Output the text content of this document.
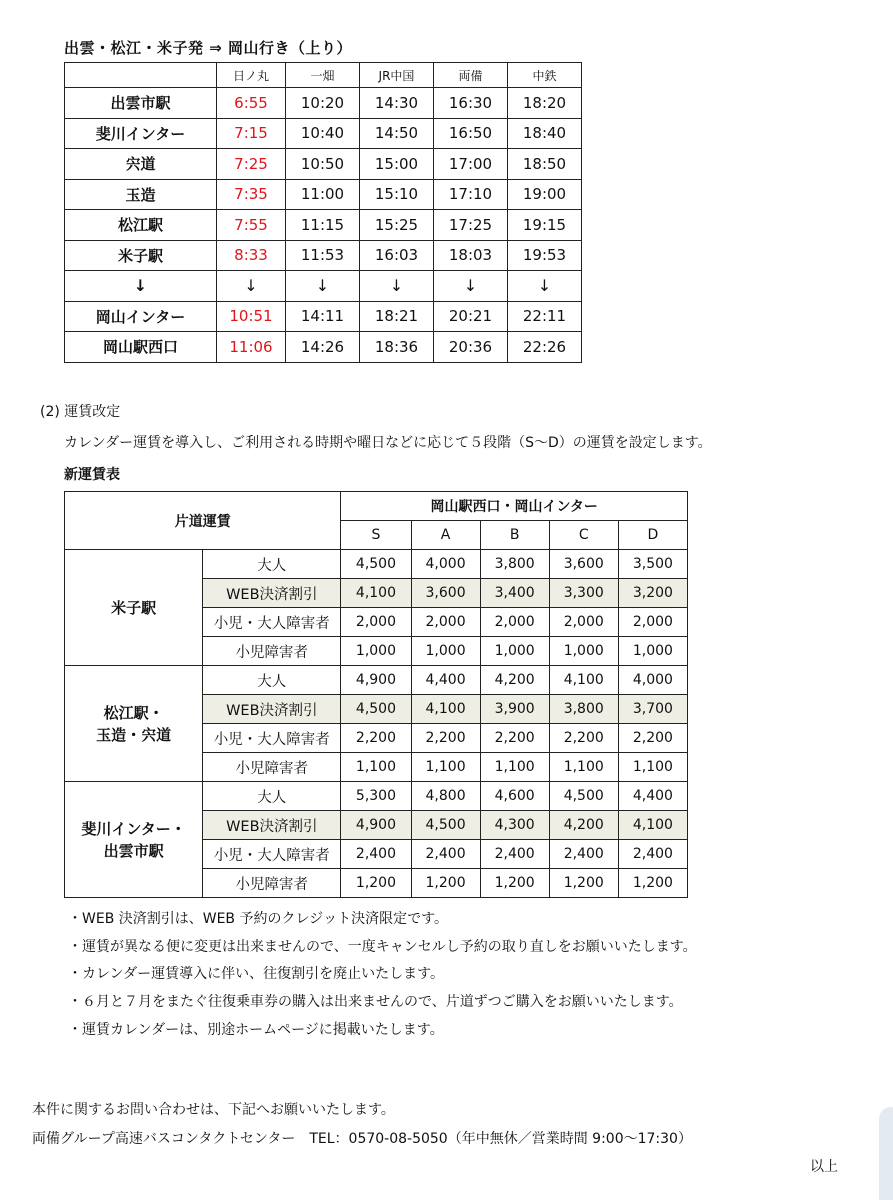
出雲・松江・米子発 ⇒ 岡山行き（上り）
	日ノ丸	一畑	JR中国	両備	中鉄
出雲市駅	6:55	10:20	14:30	16:30	18:20
斐川インター	7:15	10:40	14:50	16:50	18:40
宍道	7:25	10:50	15:00	17:00	18:50
玉造	7:35	11:00	15:10	17:10	19:00
松江駅	7:55	11:15	15:25	17:25	19:15
米子駅	8:33	11:53	16:03	18:03	19:53
↓	↓	↓	↓	↓	↓
岡山インター	10:51	14:11	18:21	20:21	22:11
岡山駅西口	11:06	14:26	18:36	20:36	22:26
(2) 運賃改定
カレンダー運賃を導入し、ご利用される時期や曜日などに応じて５段階（S〜D）の運賃を設定します。
新運賃表
片道運賃		岡山駅西口・岡山インター				
		S	A	B	C	D

米子駅	大人	4,500	4,000	3,800	3,600	3,500
	WEB決済割引	4,100	3,600	3,400	3,300	3,200
	小児・大人障害者	2,000	2,000	2,000	2,000	2,000
	小児障害者	1,000	1,000	1,000	1,000	1,000

松江駅・
玉造・宍道	大人	4,900	4,400	4,200	4,100	4,000
	WEB決済割引	4,500	4,100	3,900	3,800	3,700
	小児・大人障害者	2,200	2,200	2,200	2,200	2,200
	小児障害者	1,100	1,100	1,100	1,100	1,100

斐川インター・
出雲市駅	大人	5,300	4,800	4,600	4,500	4,400
	WEB決済割引	4,900	4,500	4,300	4,200	4,100
	小児・大人障害者	2,400	2,400	2,400	2,400	2,400
	小児障害者	1,200	1,200	1,200	1,200	1,200
・WEB 決済割引は、WEB 予約のクレジット決済限定です。
・運賃が異なる便に変更は出来ませんので、一度キャンセルし予約の取り直しをお願いいたします。
・カレンダー運賃導入に伴い、往復割引を廃止いたします。
・６月と７月をまたぐ往復乗車券の購入は出来ませんので、片道ずつご購入をお願いいたします。
・運賃カレンダーは、別途ホームページに掲載いたします。
本件に関するお問い合わせは、下記へお願いいたします。
両備グループ高速バスコンタクトセンター　TEL：0570-08-5050（年中無休／営業時間 9:00〜17:30）
以上
